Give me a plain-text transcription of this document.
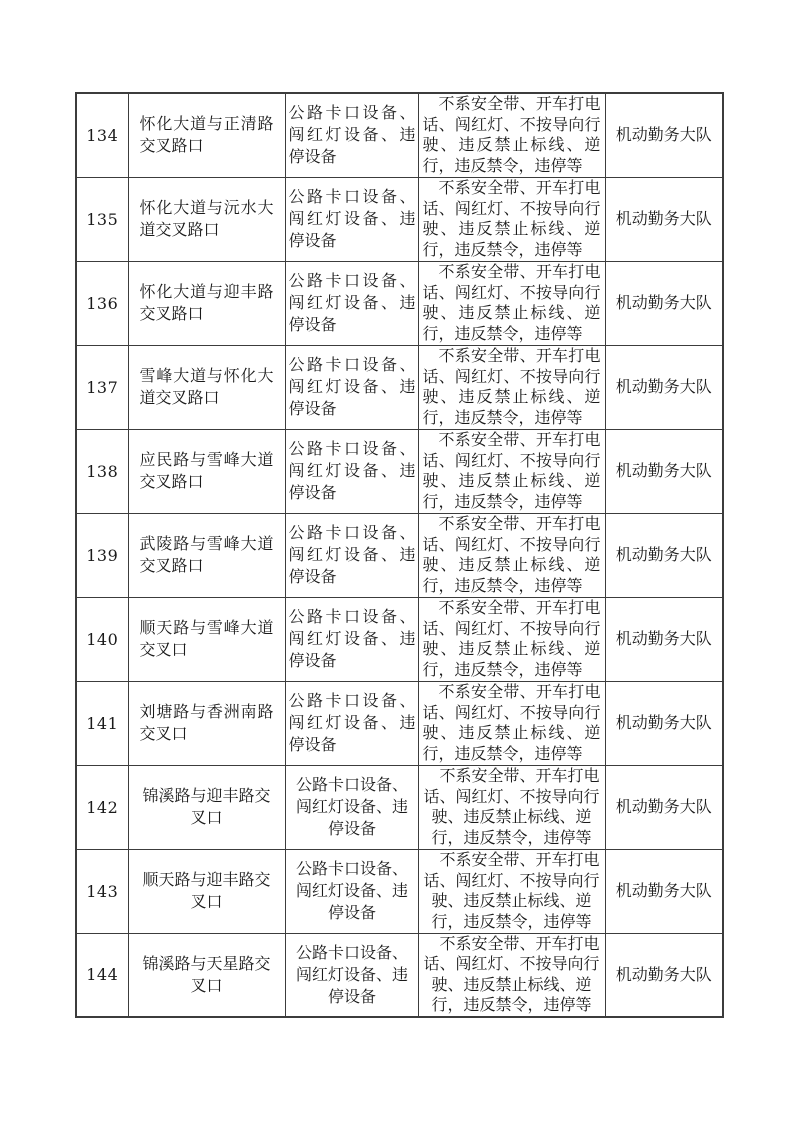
134	怀化大道与正清路交叉路口	公路卡口设备、闯红灯设备、违停设备	不系安全带、开车打电话、闯红灯、不按导向行驶、违反禁止标线、逆行，违反禁令，违停等	机动勤务大队

135	怀化大道与沅水大道交叉路口	公路卡口设备、闯红灯设备、违停设备	不系安全带、开车打电话、闯红灯、不按导向行驶、违反禁止标线、逆行，违反禁令，违停等	机动勤务大队

136	怀化大道与迎丰路交叉路口	公路卡口设备、闯红灯设备、违停设备	不系安全带、开车打电话、闯红灯、不按导向行驶、违反禁止标线、逆行，违反禁令，违停等	机动勤务大队

137	雪峰大道与怀化大道交叉路口	公路卡口设备、闯红灯设备、违停设备	不系安全带、开车打电话、闯红灯、不按导向行驶、违反禁止标线、逆行，违反禁令，违停等	机动勤务大队

138	应民路与雪峰大道交叉路口	公路卡口设备、闯红灯设备、违停设备	不系安全带、开车打电话、闯红灯、不按导向行驶、违反禁止标线、逆行，违反禁令，违停等	机动勤务大队

139	武陵路与雪峰大道交叉路口	公路卡口设备、闯红灯设备、违停设备	不系安全带、开车打电话、闯红灯、不按导向行驶、违反禁止标线、逆行，违反禁令，违停等	机动勤务大队

140	顺天路与雪峰大道交叉口	公路卡口设备、闯红灯设备、违停设备	不系安全带、开车打电话、闯红灯、不按导向行驶、违反禁止标线、逆行，违反禁令，违停等	机动勤务大队

141	刘塘路与香洲南路交叉口	公路卡口设备、闯红灯设备、违停设备	不系安全带、开车打电话、闯红灯、不按导向行驶、违反禁止标线、逆行，违反禁令，违停等	机动勤务大队

142	锦溪路与迎丰路交叉口	公路卡口设备、闯红灯设备、违停设备	不系安全带、开车打电话、闯红灯、不按导向行驶、违反禁止标线、逆行，违反禁令，违停等	机动勤务大队

143	顺天路与迎丰路交叉口	公路卡口设备、闯红灯设备、违停设备	不系安全带、开车打电话、闯红灯、不按导向行驶、违反禁止标线、逆行，违反禁令，违停等	机动勤务大队

144	锦溪路与天星路交叉口	公路卡口设备、闯红灯设备、违停设备	不系安全带、开车打电话、闯红灯、不按导向行驶、违反禁止标线、逆行，违反禁令，违停等	机动勤务大队
